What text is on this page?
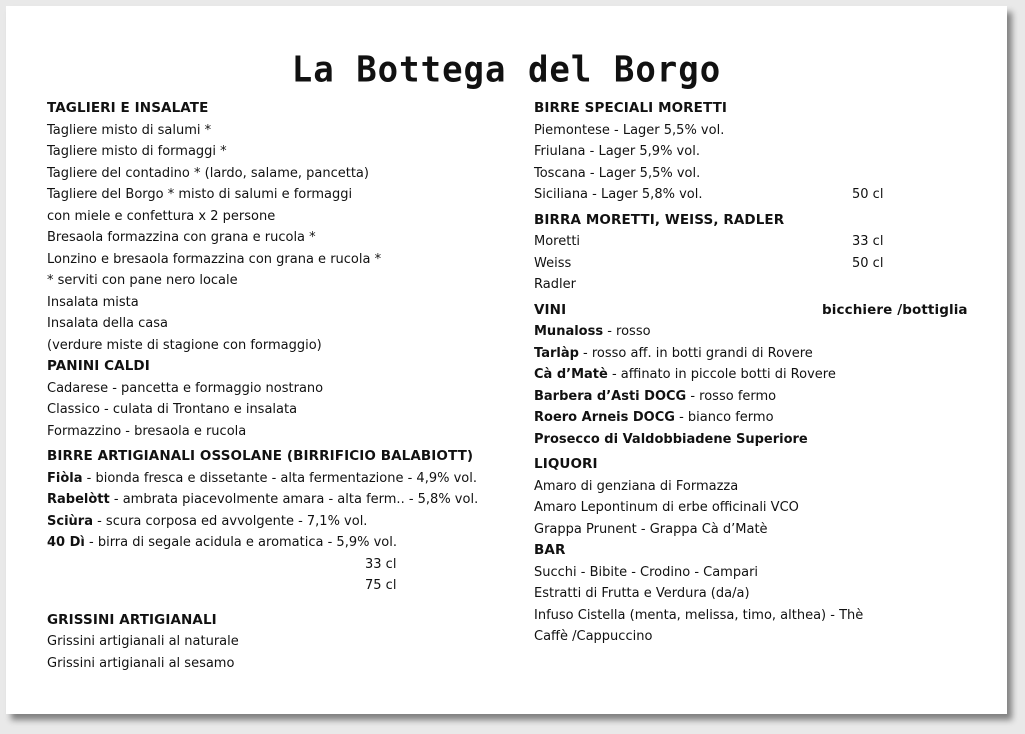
La Bottega del Borgo
TAGLIERI E INSALATE
Tagliere misto di salumi *
Tagliere misto di formaggi *
Tagliere del contadino * (lardo, salame, pancetta)
Tagliere del Borgo * misto di salumi e formaggi
con miele e confettura x 2 persone
Bresaola formazzina con grana e rucola *
Lonzino e bresaola formazzina con grana e rucola *
* serviti con pane nero locale
Insalata mista
Insalata della casa
(verdure miste di stagione con formaggio)
PANINI CALDI
Cadarese - pancetta e formaggio nostrano
Classico - culata di Trontano e insalata
Formazzino - bresaola e rucola
BIRRE ARTIGIANALI OSSOLANE (BIRRIFICIO BALABIOTT)
Fiòla - bionda fresca e dissetante - alta fermentazione - 4,9% vol.
Rabelòtt - ambrata piacevolmente amara - alta ferm.. - 5,8% vol.
Sciùra - scura corposa ed avvolgente - 7,1% vol.
40 Dì - birra di segale acidula e aromatica - 5,9% vol.
33 cl
75 cl
GRISSINI ARTIGIANALI
Grissini artigianali al naturale
Grissini artigianali al sesamo
BIRRE SPECIALI MORETTI
Piemontese - Lager 5,5% vol.
Friulana - Lager 5,9% vol.
Toscana - Lager 5,5% vol.
Siciliana - Lager 5,8% vol.	50 cl
BIRRA MORETTI, WEISS, RADLER
Moretti	33 cl
Weiss	50 cl
Radler
VINI	bicchiere /bottiglia
Munaloss - rosso
Tarlàp - rosso aff. in botti grandi di Rovere
Cà d’Matè - affinato in piccole botti di Rovere
Barbera d’Asti DOCG - rosso fermo
Roero Arneis DOCG - bianco fermo
Prosecco di Valdobbiadene Superiore
LIQUORI
Amaro di genziana di Formazza
Amaro Lepontinum di erbe officinali VCO
Grappa Prunent - Grappa Cà d’Matè
BAR
Succhi - Bibite - Crodino - Campari
Estratti di Frutta e Verdura (da/a)
Infuso Cistella (menta, melissa, timo, althea) - Thè
Caffè /Cappuccino
